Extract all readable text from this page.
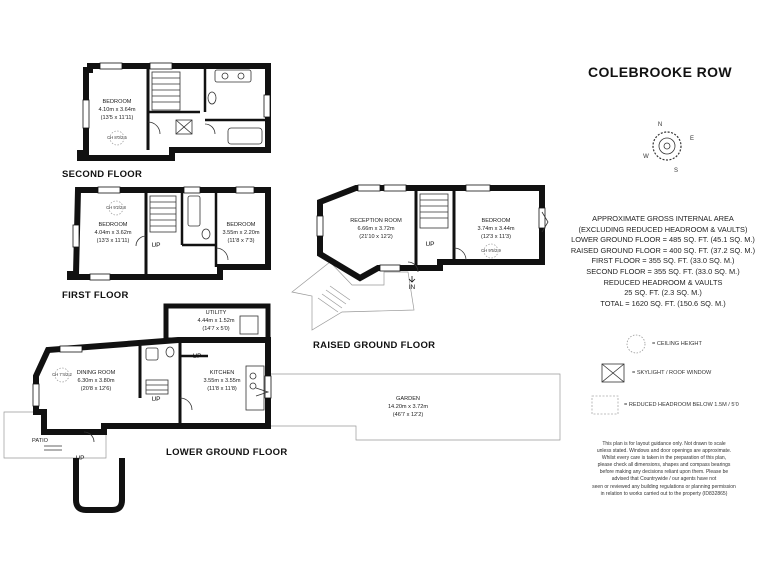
BEDROOM
4.10m x 3.64m
(13'5 x 11'11)
CH 8'0/2.5
UP
CH 9'2/2.8
BEDROOM
4.04m x 3.62m
(13'3 x 11'11)
BEDROOM
3.55m x 2.20m
(11'8 x 7'3)	UP
IN
RECEPTION ROOM
6.66m x 3.72m
(21'10 x 12'2)
BEDROOM
3.74m x 3.44m
(12'3 x 11'3)
CH 9'5/2.9
UP
UP
UP
UTILITY
4.44m x 1.52m
(14'7 x 5'0)
CH 7'4/2.2 DINING ROOM
6.30m x 3.80m
(20'8 x 12'6)
KITCHEN
3.55m x 3.55m
(11'8 x 11'8)
GARDEN
14.20m x 3.72m
(46'7 x 12'2)
PATIO
N
E
S
W
SECOND FLOOR
FIRST FLOOR
RAISED GROUND FLOOR
LOWER GROUND FLOOR
COLEBROOKE ROW
APPROXIMATE GROSS INTERNAL AREA
(EXCLUDING REDUCED HEADROOM & VAULTS)
LOWER GROUND FLOOR = 485 SQ. FT. (45.1 SQ. M.)
RAISED GROUND FLOOR = 400 SQ. FT. (37.2 SQ. M.)
FIRST FLOOR = 355 SQ. FT. (33.0 SQ. M.)
SECOND FLOOR = 355 SQ. FT. (33.0 SQ. M.)
REDUCED HEADROOM & VAULTS
25 SQ. FT. (2.3 SQ. M.)
TOTAL = 1620 SQ. FT. (150.6 SQ. M.)
= CEILING HEIGHT
= SKYLIGHT / ROOF WINDOW
= REDUCED HEADROOM BELOW 1.5M / 5'0
This plan is for layout guidance only. Not drawn to scale
unless stated. Windows and door openings are approximate.
Whilst every care is taken in the preparation of this plan,
please check all dimensions, shapes and compass bearings
before making any decisions reliant upon them. Please be
advised that Countrywide / our agents have not
seen or reviewed any building regulations or planning permission
in relation to works carried out to the property (ID832865)
